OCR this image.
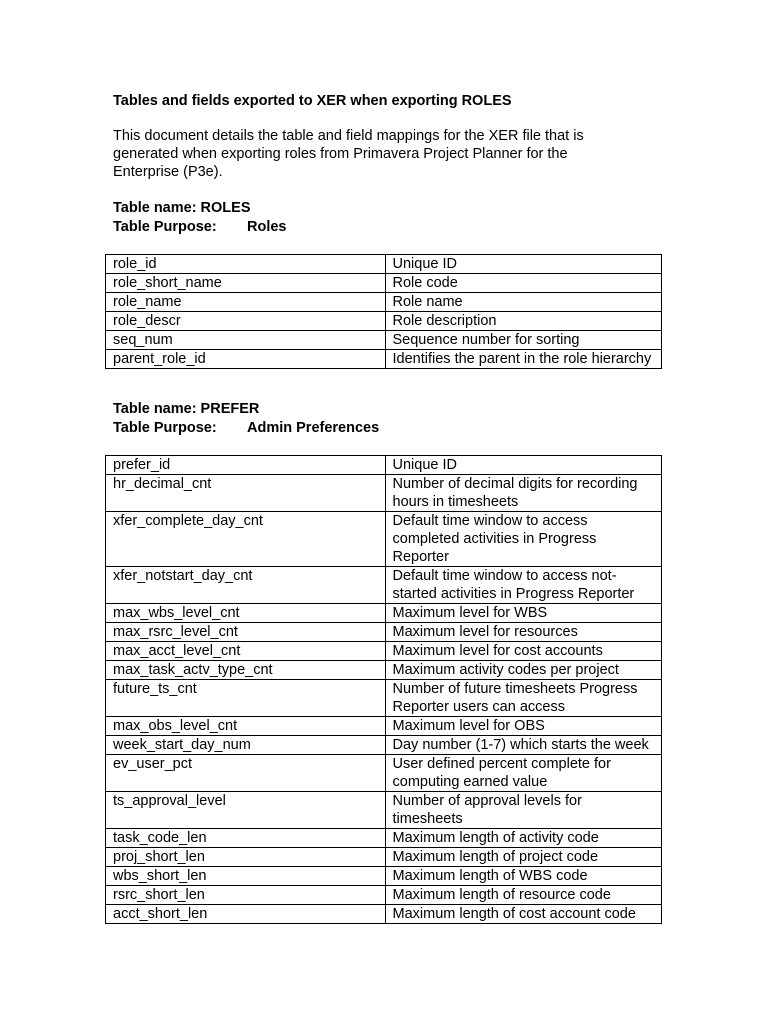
Tables and fields exported to XER when exporting ROLES
This document details the table and field mappings for the XER file that is
generated when exporting roles from Primavera Project Planner for the
Enterprise (P3e).
Table name: ROLES
Table Purpose: Roles
role_id	Unique ID
role_short_name	Role code
role_name	Role name
role_descr	Role description
seq_num	Sequence number for sorting
parent_role_id	Identifies the parent in the role hierarchy
Table name: PREFER
Table Purpose: Admin Preferences
prefer_id	Unique ID
hr_decimal_cnt	Number of decimal digits for recording hours in timesheets
xfer_complete_day_cnt	Default time window to access completed activities in Progress Reporter
xfer_notstart_day_cnt	Default time window to access not-started activities in Progress Reporter
max_wbs_level_cnt	Maximum level for WBS
max_rsrc_level_cnt	Maximum level for resources
max_acct_level_cnt	Maximum level for cost accounts
max_task_actv_type_cnt	Maximum activity codes per project
future_ts_cnt	Number of future timesheets Progress Reporter users can access
max_obs_level_cnt	Maximum level for OBS
week_start_day_num	Day number (1-7) which starts the week
ev_user_pct	User defined percent complete for computing earned value
ts_approval_level	Number of approval levels for timesheets
task_code_len	Maximum length of activity code
proj_short_len	Maximum length of project code
wbs_short_len	Maximum length of WBS code
rsrc_short_len	Maximum length of resource code
acct_short_len	Maximum length of cost account code
